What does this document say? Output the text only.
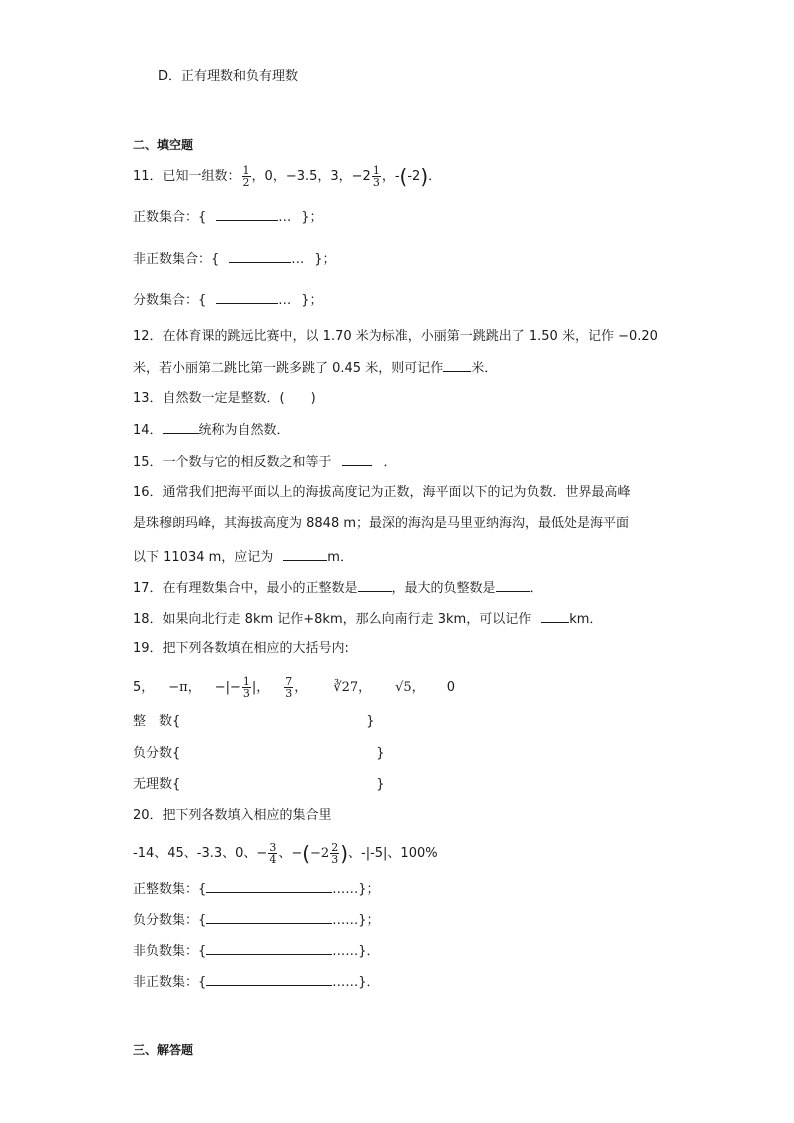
D．正有理数和负有理数
二、填空题
11．已知一组数： $\frac{1}{2}$ ，0，−3.5，3，$-2 \frac{1}{3}$ ，-(-2)．
正数集合：{	… }；
非正数集合：{	… }；
分数集合：{	… }；
12．在体育课的跳远比赛中，以 1.70 米为标准，小丽第一跳跳出了 1.50 米，记作 −0.20
米，若小丽第二跳比第一跳多跳了 0.45 米，则可记作 米．
13．自然数一定是整数．(　　)
14．	统称为自然数．
15．一个数与它的相反数之和等于	．
16．通常我们把海平面以上的海拔高度记为正数，海平面以下的记为负数．世界最高峰
是珠穆朗玛峰，其海拔高度为 8848 m；最深的海沟是马里亚纳海沟，最低处是海平面
以下 11034 m，应记为	m．
17．在有理数集合中，最小的正整数是	，最大的负整数是	．
18．如果向北行走 8km 记作+8km，那么向南行走 3km，可以记作	km．
19．把下列各数填在相应的大括号内:
5， −π， −|− $\frac{1}{3}$ |， $\frac{7}{3}$ ， ∛27， √5， 0
整　数{	}
负分数{	}
无理数{	}
20．把下列各数填入相应的集合里
-14、45、-3.3、0、− $\frac{3}{4}$ 、$-(-2 \frac{2}{3}$ )、-|-5|、100%
正整数集：{	……}；
负分数集：{	……}；
非负数集：{	……}．
非正数集：{	……}．
三、解答题
